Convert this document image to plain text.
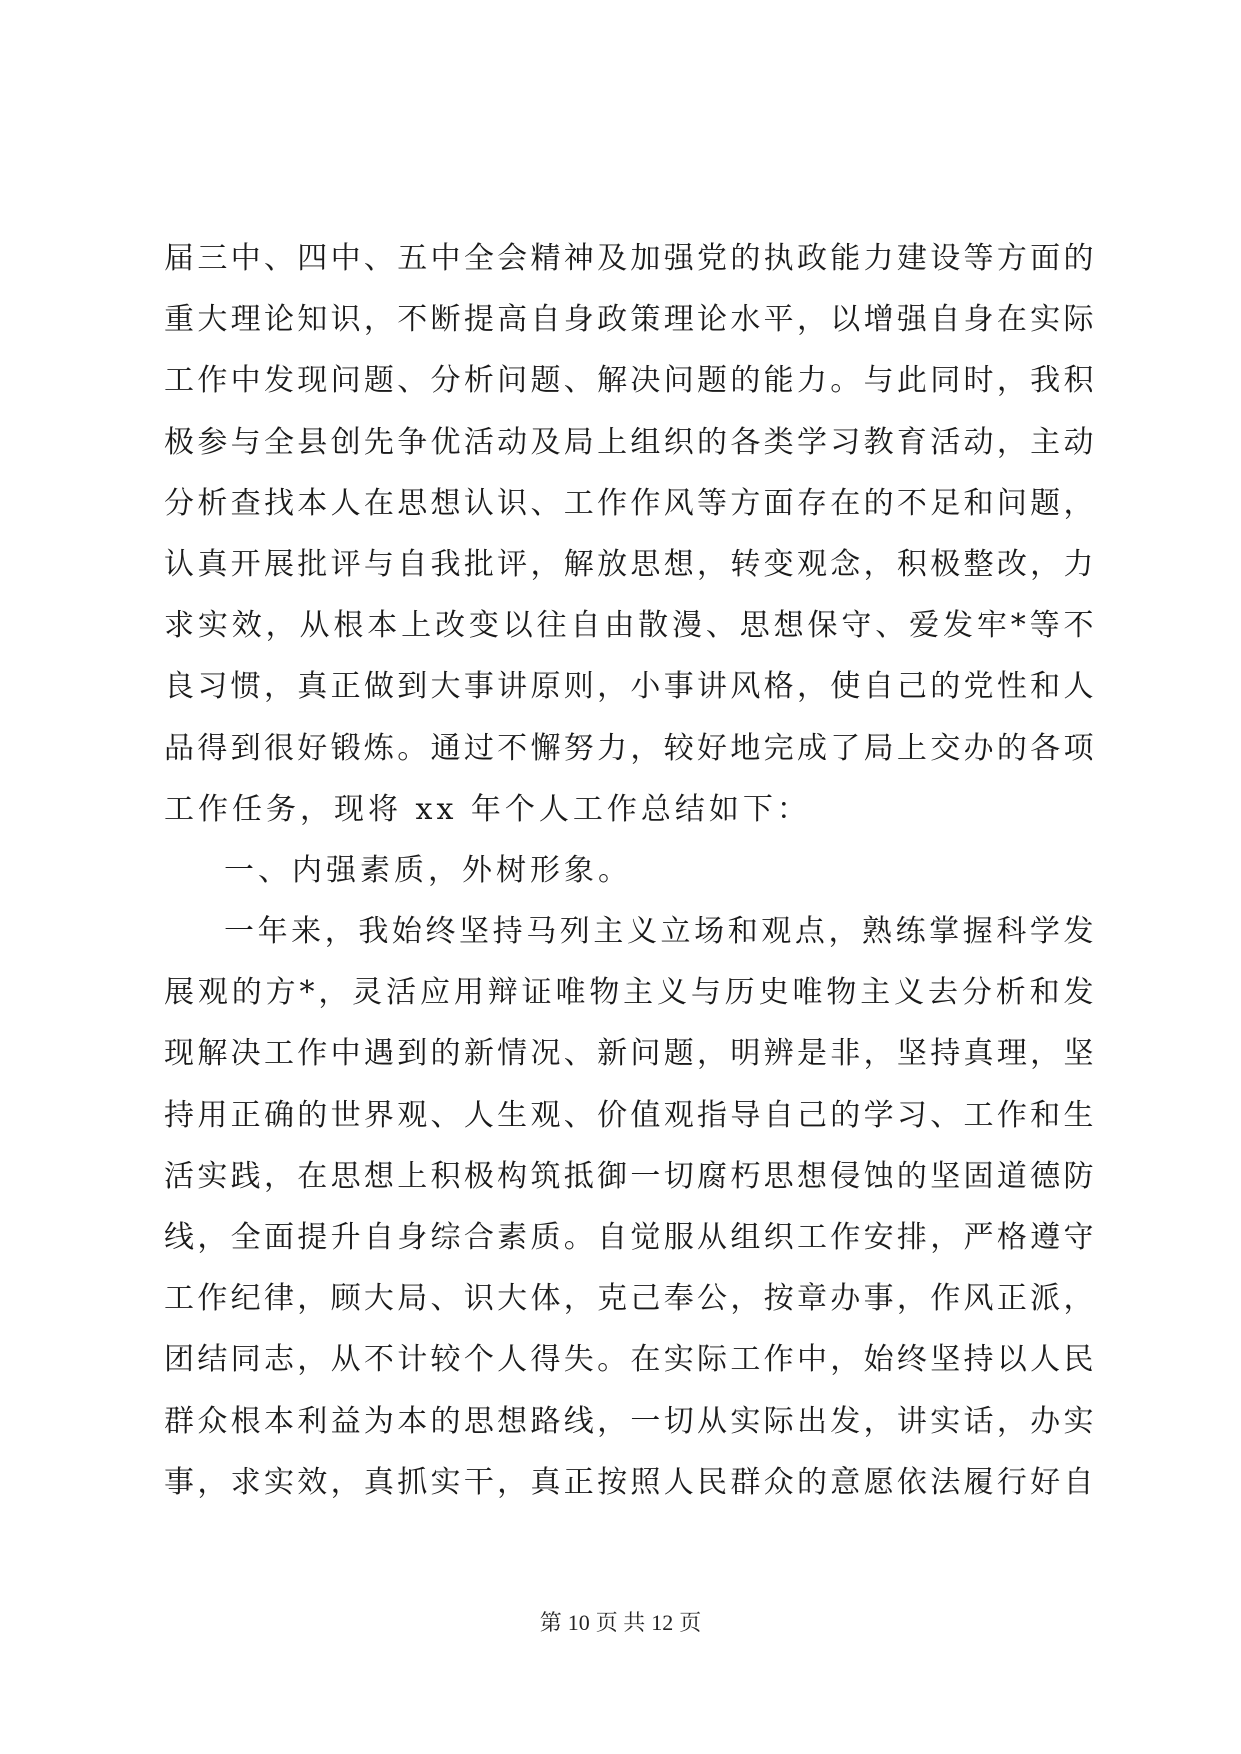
届三中、四中、五中全会精神及加强党的执政能力建设等方面的
重大理论知识，不断提高自身政策理论水平，以增强自身在实际
工作中发现问题、分析问题、解决问题的能力。与此同时，我积
极参与全县创先争优活动及局上组织的各类学习教育活动，主动
分析查找本人在思想认识、工作作风等方面存在的不足和问题，
认真开展批评与自我批评，解放思想，转变观念，积极整改，力
求实效，从根本上改变以往自由散漫、思想保守、爱发牢*等不
良习惯，真正做到大事讲原则，小事讲风格，使自己的党性和人
品得到很好锻炼。通过不懈努力，较好地完成了局上交办的各项
工作任务，现将 xx 年个人工作总结如下：
一、内强素质，外树形象。
一年来，我始终坚持马列主义立场和观点，熟练掌握科学发
展观的方*，灵活应用辩证唯物主义与历史唯物主义去分析和发
现解决工作中遇到的新情况、新问题，明辨是非，坚持真理，坚
持用正确的世界观、人生观、价值观指导自己的学习、工作和生
活实践，在思想上积极构筑抵御一切腐朽思想侵蚀的坚固道德防
线，全面提升自身综合素质。自觉服从组织工作安排，严格遵守
工作纪律，顾大局、识大体，克己奉公，按章办事，作风正派，
团结同志，从不计较个人得失。在实际工作中，始终坚持以人民
群众根本利益为本的思想路线，一切从实际出发，讲实话，办实
事，求实效，真抓实干，真正按照人民群众的意愿依法履行好自
第 10 页 共 12 页
